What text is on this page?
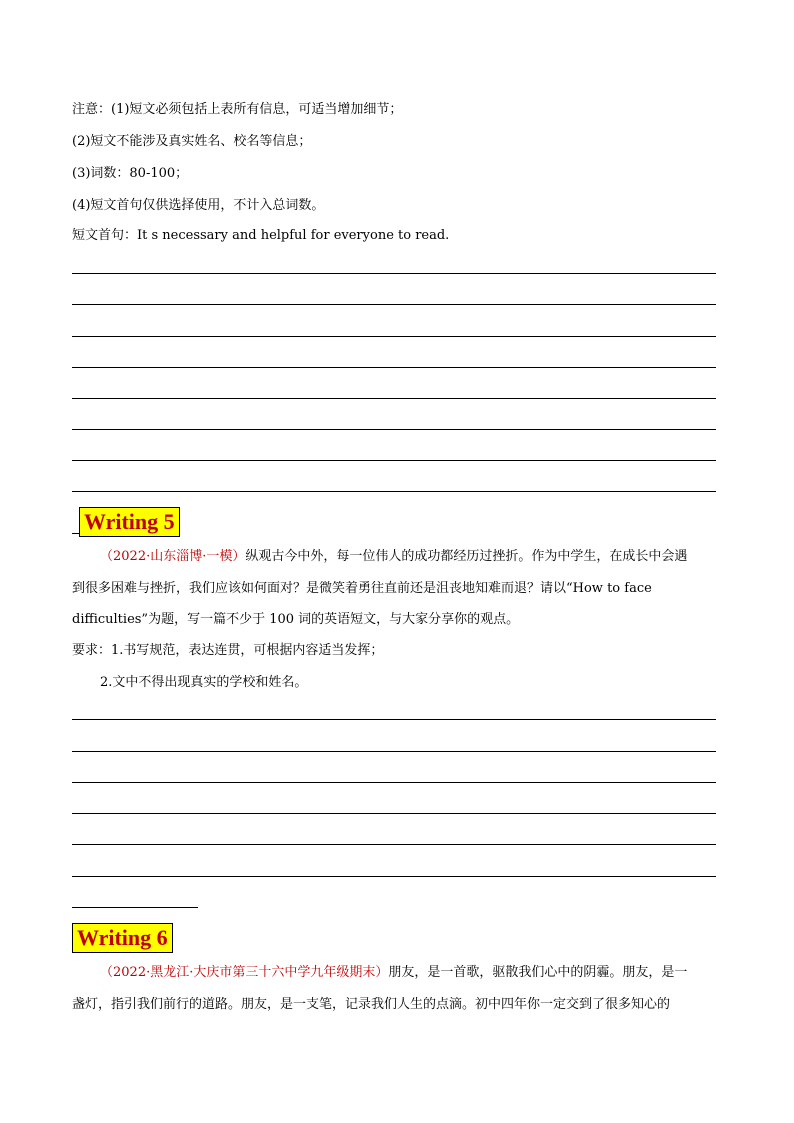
注意：(1)短文必须包括上表所有信息，可适当增加细节；
(2)短文不能涉及真实姓名、校名等信息；
(3)词数：80-100；
(4)短文首句仅供选择使用，不计入总词数。
短文首句：It s necessary and helpful for everyone to read.
Writing 5
（2022·山东淄博·一模）纵观古今中外，每一位伟人的成功都经历过挫折。作为中学生，在成长中会遇
到很多困难与挫折，我们应该如何面对？是微笑着勇往直前还是沮丧地知难而退？请以“How to face
difficulties”为题，写一篇不少于 100 词的英语短文，与大家分享你的观点。
要求：1.书写规范，表达连贯，可根据内容适当发挥；
2.文中不得出现真实的学校和姓名。
Writing 6
（2022·黑龙江·大庆市第三十六中学九年级期末）朋友，是一首歌，驱散我们心中的阴霾。朋友，是一
盏灯，指引我们前行的道路。朋友，是一支笔，记录我们人生的点滴。初中四年你一定交到了很多知心的
